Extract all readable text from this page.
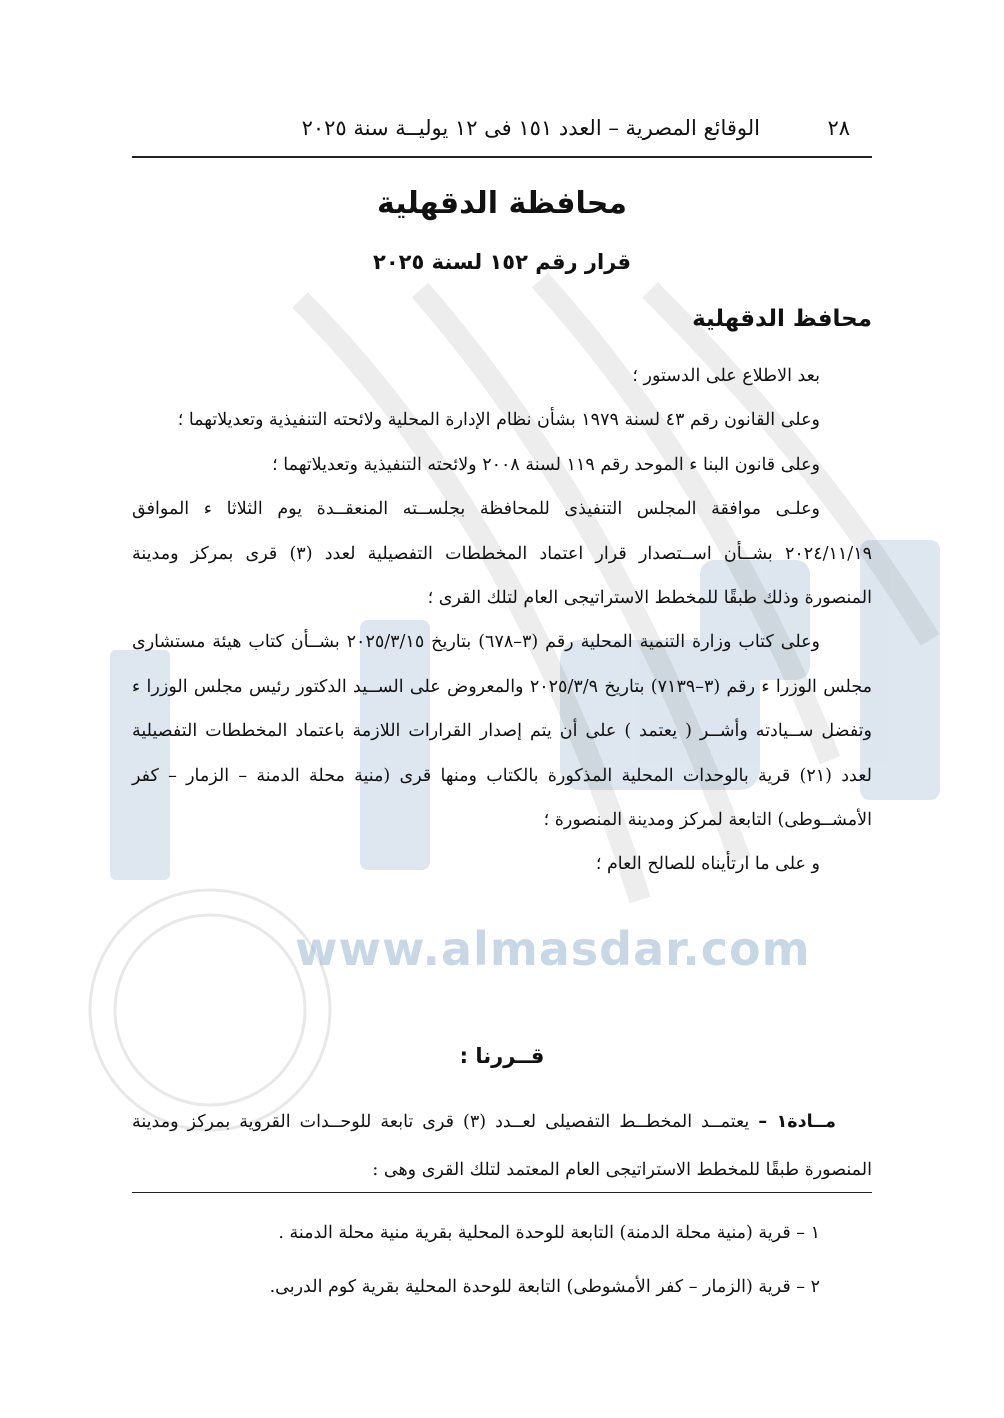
www.almasdar.com
٢٨
الوقائع المصرية – العدد ١٥١ فى ١٢ يوليــة سنة ٢٠٢٥
محافظة الدقهلية
قرار رقم ١٥٢ لسنة ٢٠٢٥
محافظ الدقهلية

بعد الاطلاع على الدستور ؛

وعلى القانون رقم ٤٣ لسنة ١٩٧٩ بشأن نظام الإدارة المحلية ولائحته التنفيذية وتعديلاتهما ؛

وعلى قانون البنا ء الموحد رقم ١١٩ لسنة ٢٠٠٨ ولائحته التنفيذية وتعديلاتهما ؛

وعلـى موافقة المجلس التنفيذى للمحافظة بجلســته المنعقــدة يوم الثلاثا ء الموافق ٢٠٢٤/١١/١٩ بشــأن اســتصدار قرار اعتماد المخططات التفصيلية لعدد (٣) قرى بمركز ومدينة المنصورة وذلك طبقًا للمخطط الاستراتيجى العام لتلك القرى ؛

وعلى كتاب وزارة التنمية المحلية رقم (٣–٦٧٨) بتاريخ ٢٠٢٥/٣/١٥ بشــأن كتاب هيئة مستشارى مجلس الوزرا ء رقم (٣–٧١٣٩) بتاريخ ٢٠٢٥/٣/٩ والمعروض على الســيد الدكتور رئيس مجلس الوزرا ء وتفضل ســيادته وأشــر ( يعتمد ) على أن يتم إصدار القرارات اللازمة باعتماد المخططات التفصيلية لعدد (٢١) قرية بالوحدات المحلية المذكورة بالكتاب ومنها قرى (منية محلة الدمنة – الزمار – كفر الأمشــوطى) التابعة لمركز ومدينة المنصورة ؛

و على ما ارتأيناه للصالح العام ؛

قــررنا :

مــادة١ – يعتمــد المخطــط التفصيلى لعــدد (٣) قرى تابعة للوحــدات القروية بمركز ومدينة المنصورة طبقًا للمخطط الاستراتيجى العام المعتمد لتلك القرى وهى :

١ – قرية (منية محلة الدمنة) التابعة للوحدة المحلية بقرية منية محلة الدمنة .

٢ – قرية (الزمار – كفر الأمشوطى) التابعة للوحدة المحلية بقرية كوم الدربى.
